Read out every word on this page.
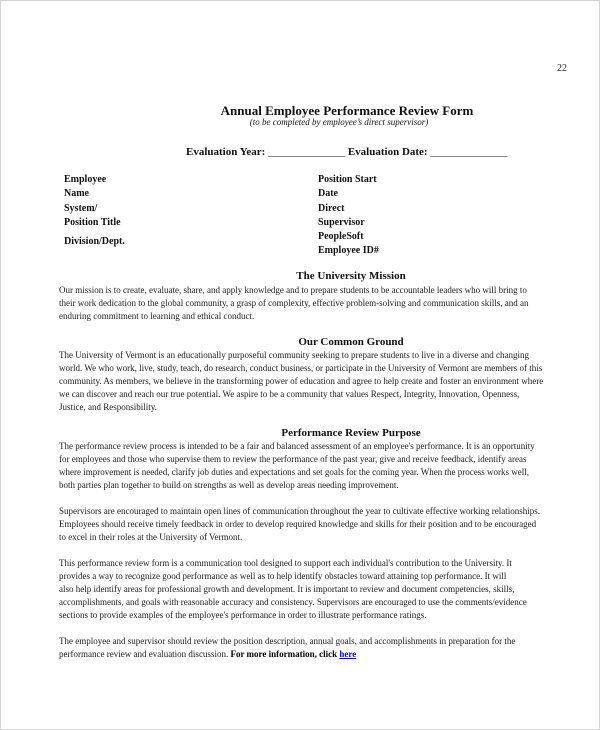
22
Annual Employee Performance Review Form
(to be completed by employee’s direct supervisor)
Evaluation Year: ______________ Evaluation Date: ______________
Employee
Name
System/
Position Title
Division/Dept.
Position Start
Date
Direct
Supervisor
PeopleSoft
Employee ID#
The University Mission
Our mission is to create, evaluate, share, and apply knowledge and to prepare students to be accountable leaders who will bring to
their work dedication to the global community, a grasp of complexity, effective problem-solving and communication skills, and an
enduring commitment to learning and ethical conduct.
Our Common Ground
The University of Vermont is an educationally purposeful community seeking to prepare students to live in a diverse and changing
world. We who work, live, study, teach, do research, conduct business, or participate in the University of Vermont are members of this
community. As members, we believe in the transforming power of education and agree to help create and foster an environment where
we can discover and reach our true potential. We aspire to be a community that values Respect, Integrity, Innovation, Openness,
Justice, and Responsibility.
Performance Review Purpose
The performance review process is intended to be a fair and balanced assessment of an employee's performance. It is an opportunity
for employees and those who supervise them to review the performance of the past year, give and receive feedback, identify areas
where improvement is needed, clarify job duties and expectations and set goals for the coming year. When the process works well,
both parties plan together to build on strengths as well as develop areas needing improvement.
Supervisors are encouraged to maintain open lines of communication throughout the year to cultivate effective working relationships.
Employees should receive timely feedback in order to develop required knowledge and skills for their position and to be encouraged
to excel in their roles at the University of Vermont.
This performance review form is a communication tool designed to support each individual's contribution to the University. It
provides a way to recognize good performance as well as to help identify obstacles toward attaining top performance. It will
also help identify areas for professional growth and development. It is important to review and document competencies, skills,
accomplishments, and goals with reasonable accuracy and consistency. Supervisors are encouraged to use the comments/evidence
sections to provide examples of the employee's performance in order to illustrate performance ratings.
The employee and supervisor should review the position description, annual goals, and accomplishments in preparation for the
performance review and evaluation discussion. For more information, click here
